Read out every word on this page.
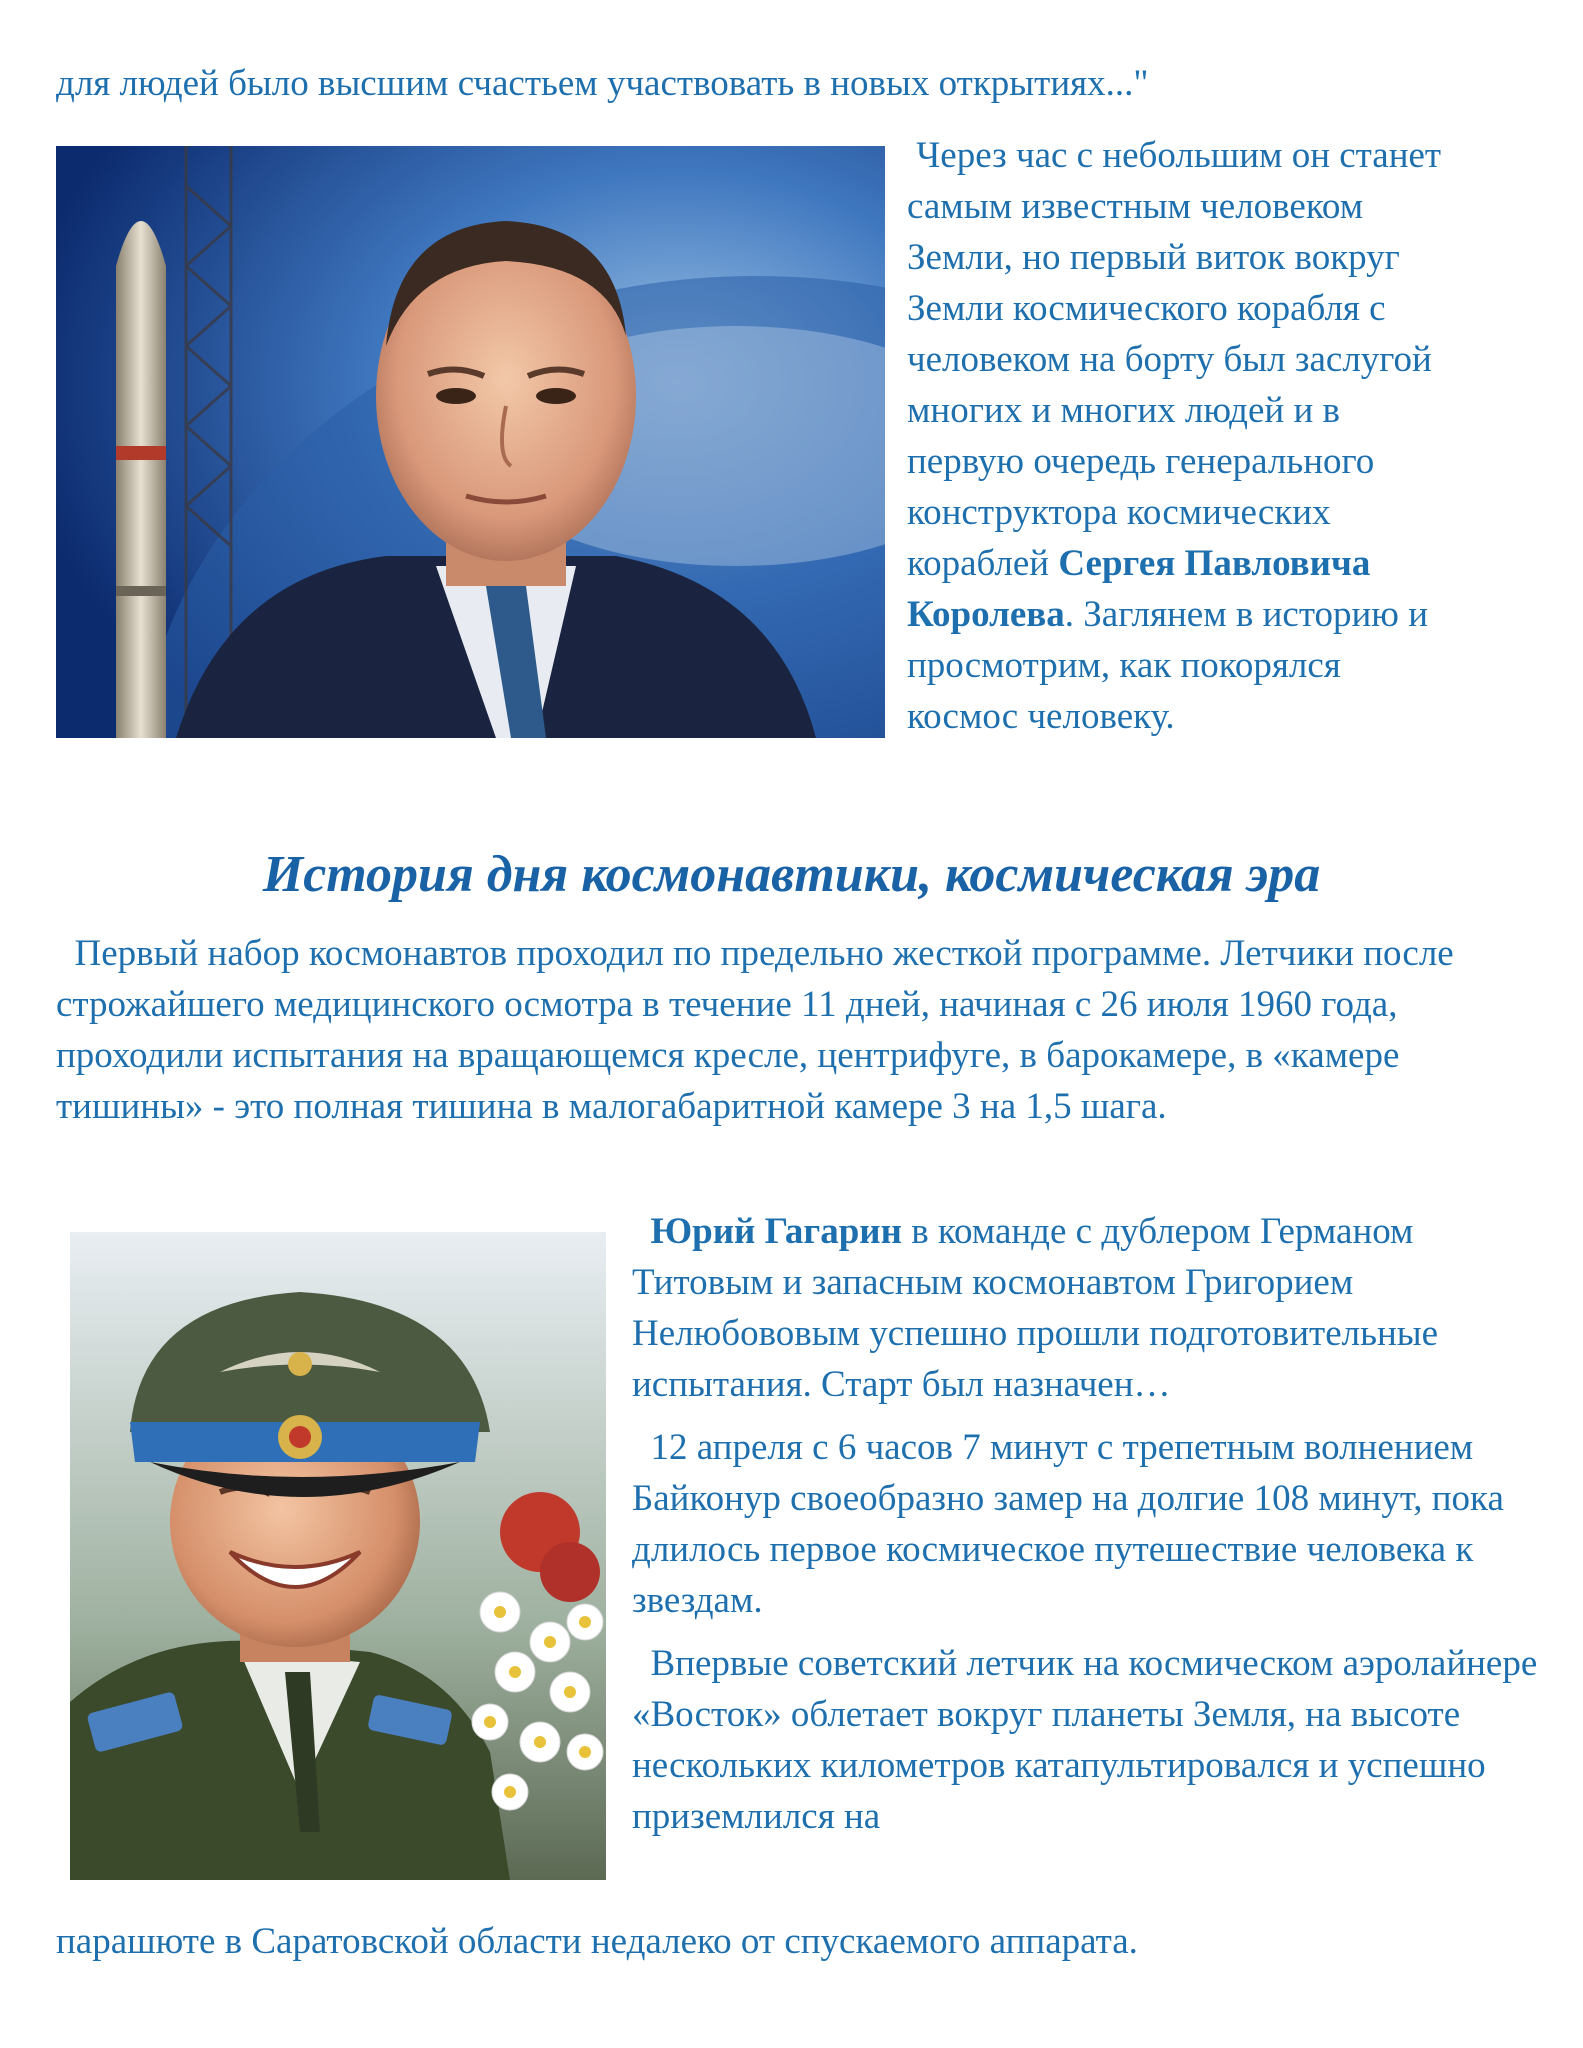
для людей было высшим счастьем участвовать в новых открытиях..."

Через час с небольшим он станет

самым известным человеком

Земли, но первый виток вокруг

Земли космического корабля с

человеком на борту был заслугой

многих и многих людей и в

первую очередь генерального

конструктора космических

кораблей Сергея Павловича

Королева. Заглянем в историю и

просмотрим, как покорялся

космос человеку.

История дня космонавтики, космическая эра

Первый набор космонавтов проходил по предельно жесткой программе. Летчики после строжайшего медицинского осмотра в течение 11 дней, начиная с 26 июля 1960 года, проходили испытания на вращающемся кресле, центрифуге, в барокамере, в «камере тишины» - это полная тишина в малогабаритной камере 3 на 1,5 шага.

Юрий Гагарин в команде с дублером Германом Титовым и запасным космонавтом Григорием Нелюбововым успешно прошли подготовительные испытания. Старт был назначен…

12 апреля с 6 часов 7 минут с трепетным волнением Байконур своеобразно замер на долгие 108 минут, пока длилось первое космическое путешествие человека к звездам.

Впервые советский летчик на космическом аэролайнере «Восток» облетает вокруг планеты Земля, на высоте нескольких километров катапультировался и успешно приземлился на

парашюте в Саратовской области недалеко от спускаемого аппарата.
